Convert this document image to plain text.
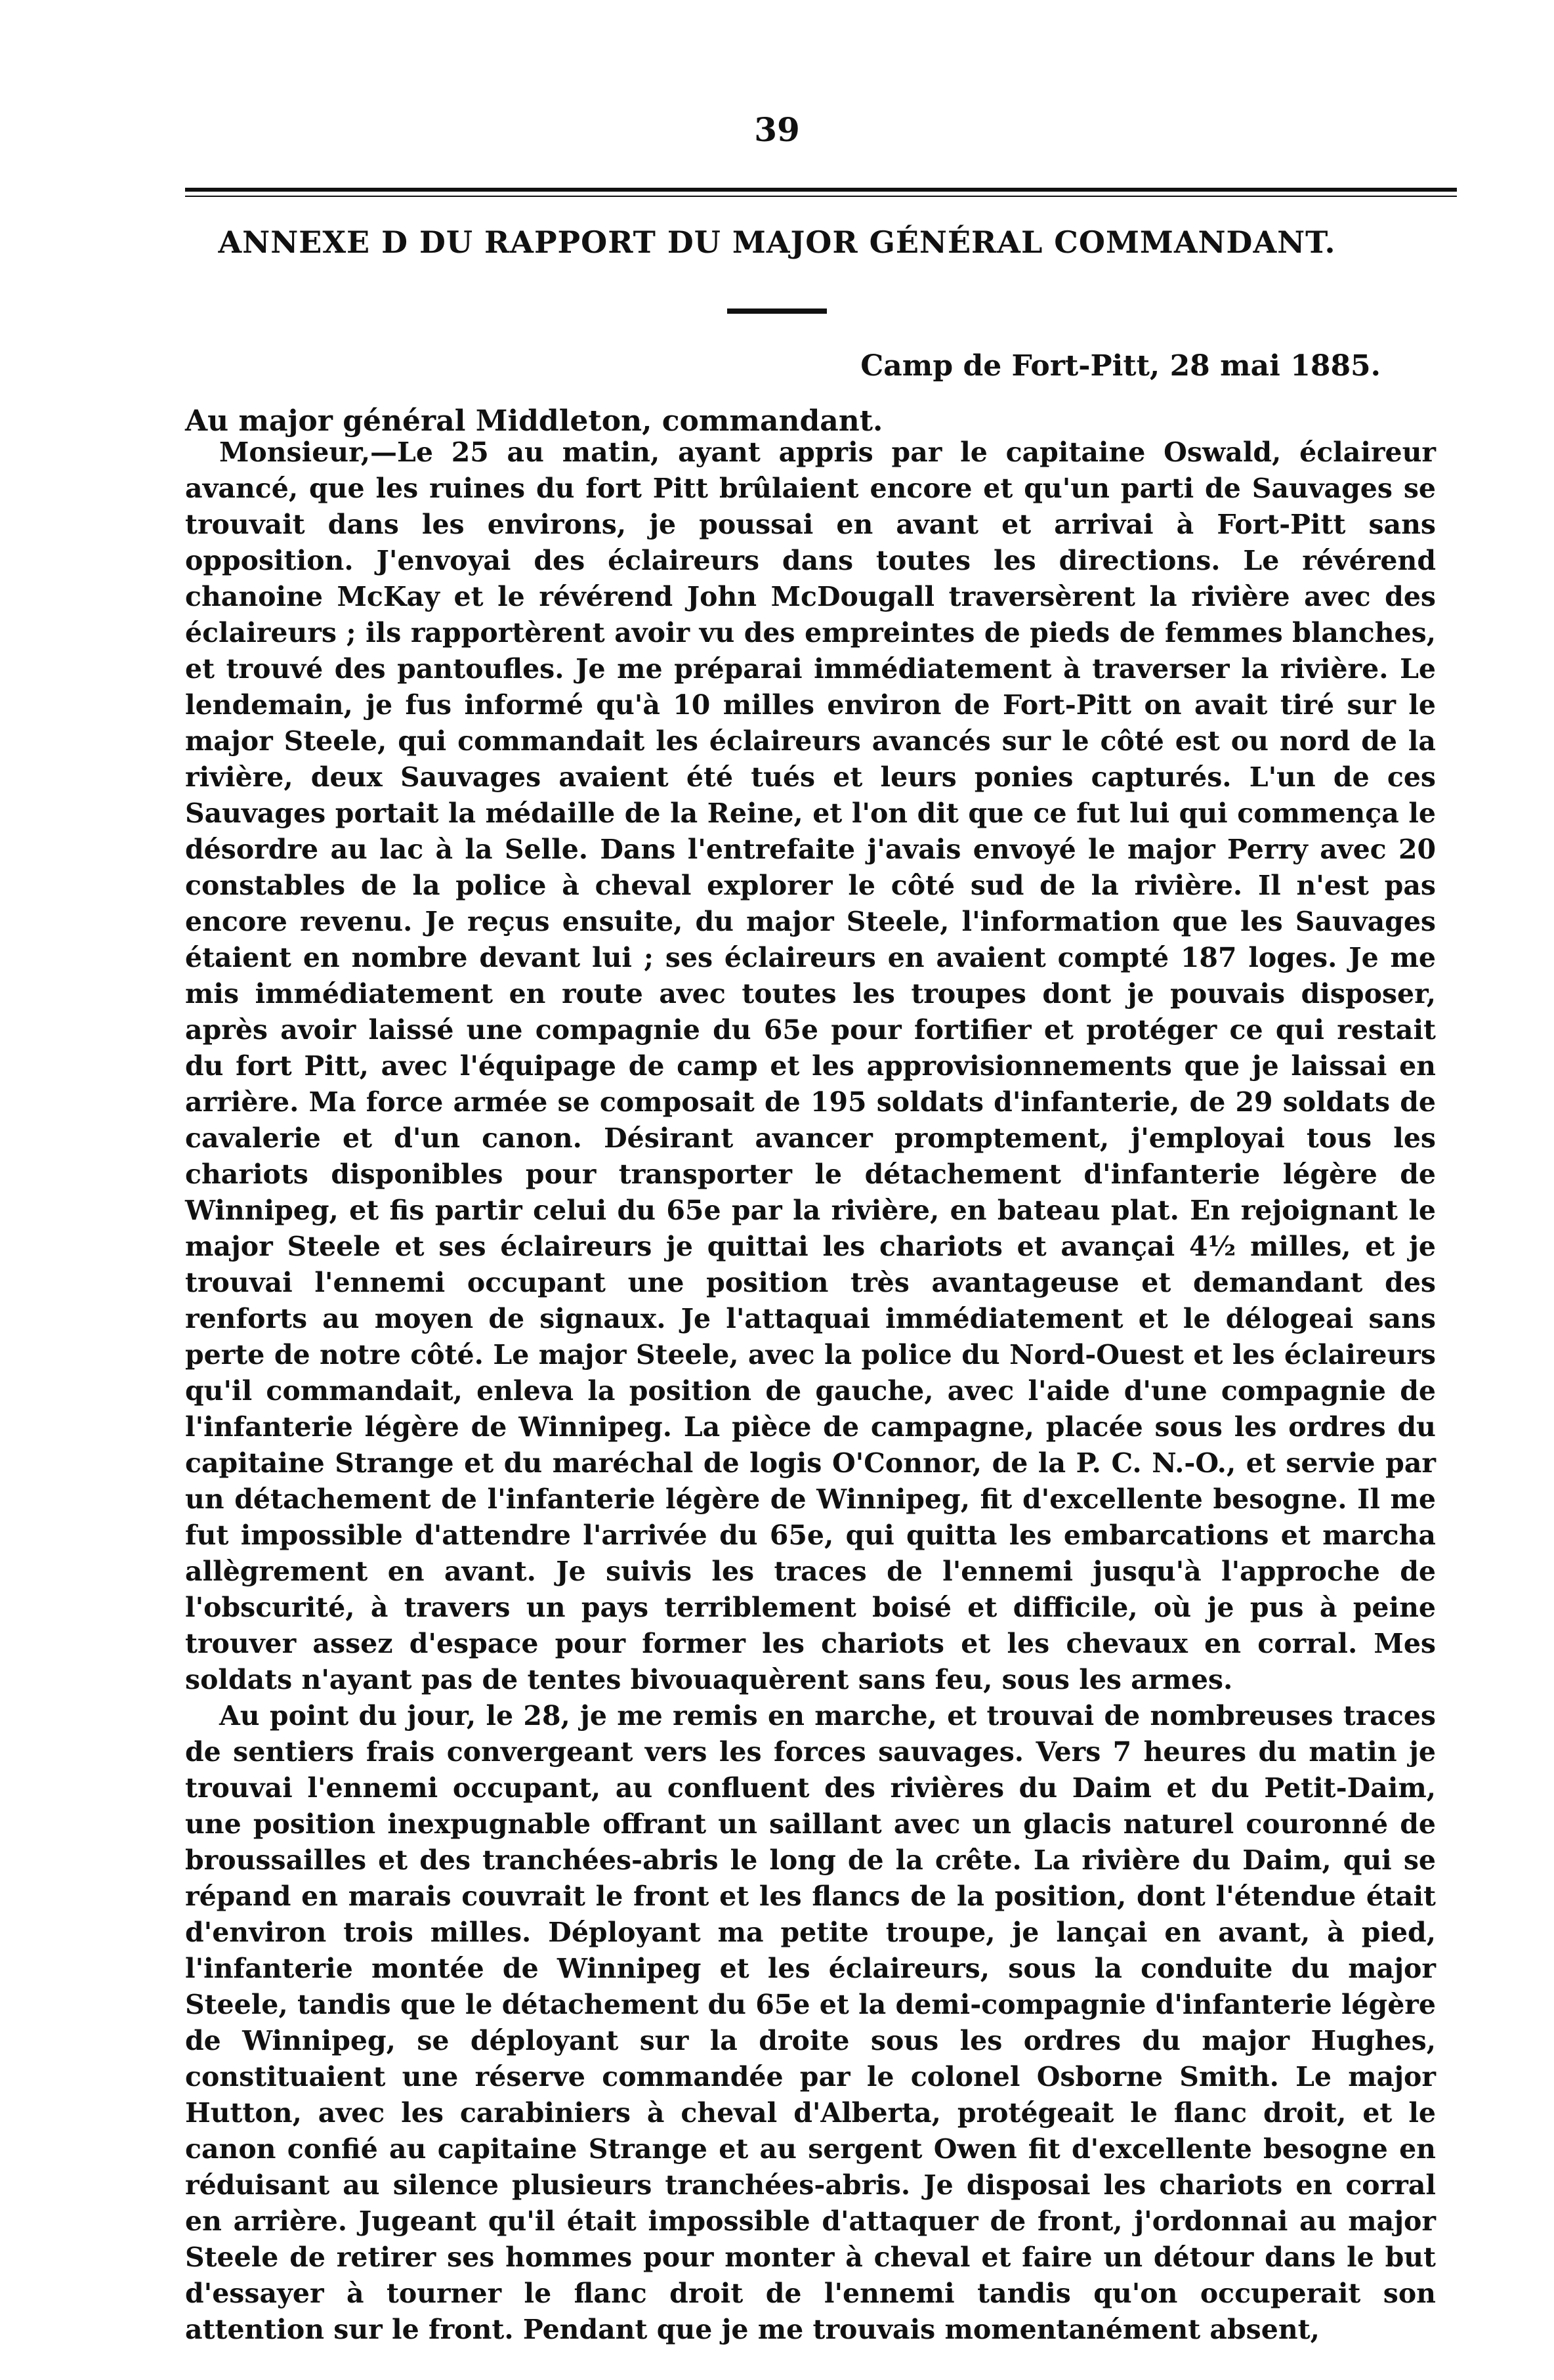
39
ANNEXE D DU RAPPORT DU MAJOR GÉNÉRAL COMMANDANT.
Camp de Fort-Pitt, 28 mai 1885.
Au major général Middleton, commandant.

Monsieur,—Le 25 au matin, ayant appris par le capitaine Oswald, éclaireur avancé, que les ruines du fort Pitt brûlaient encore et qu'un parti de Sauvages se trouvait dans les environs, je poussai en avant et arrivai à Fort-Pitt sans opposition. J'envoyai des éclaireurs dans toutes les directions. Le révérend chanoine McKay et le révérend John McDougall traversèrent la rivière avec des éclaireurs ; ils rapportèrent avoir vu des empreintes de pieds de femmes blanches, et trouvé des pantoufles. Je me préparai immédiatement à traverser la rivière. Le lendemain, je fus informé qu'à 10 milles environ de Fort-Pitt on avait tiré sur le major Steele, qui commandait les éclaireurs avancés sur le côté est ou nord de la rivière, deux Sauvages avaient été tués et leurs ponies capturés. L'un de ces Sauvages portait la médaille de la Reine, et l'on dit que ce fut lui qui commença le désordre au lac à la Selle. Dans l'entrefaite j'avais envoyé le major Perry avec 20 constables de la police à cheval explorer le côté sud de la rivière. Il n'est pas encore revenu. Je reçus ensuite, du major Steele, l'information que les Sauvages étaient en nombre devant lui ; ses éclaireurs en avaient compté 187 loges. Je me mis immédiatement en route avec toutes les troupes dont je pouvais disposer, après avoir laissé une compagnie du 65e pour fortifier et protéger ce qui restait du fort Pitt, avec l'équipage de camp et les approvisionnements que je laissai en arrière. Ma force armée se composait de 195 soldats d'infanterie, de 29 soldats de cavalerie et d'un canon. Désirant avancer promptement, j'employai tous les chariots disponibles pour transporter le détachement d'infanterie légère de Winnipeg, et fis partir celui du 65e par la rivière, en bateau plat. En rejoignant le major Steele et ses éclaireurs je quittai les chariots et avançai 4½ milles, et je trouvai l'ennemi occupant une position très avantageuse et demandant des renforts au moyen de signaux. Je l'attaquai immédiatement et le délogeai sans perte de notre côté. Le major Steele, avec la police du Nord-Ouest et les éclaireurs qu'il commandait, enleva la position de gauche, avec l'aide d'une compagnie de l'infanterie légère de Winnipeg. La pièce de campagne, placée sous les ordres du capitaine Strange et du maréchal de logis O'Connor, de la P. C. N.-O., et servie par un détachement de l'infanterie légère de Winnipeg, fit d'excellente besogne. Il me fut impossible d'attendre l'arrivée du 65e, qui quitta les embarcations et marcha allègrement en avant. Je suivis les traces de l'ennemi jusqu'à l'approche de l'obscurité, à travers un pays terriblement boisé et difficile, où je pus à peine trouver assez d'espace pour former les chariots et les chevaux en corral. Mes soldats n'ayant pas de tentes bivouaquèrent sans feu, sous les armes.

Au point du jour, le 28, je me remis en marche, et trouvai de nombreuses traces de sentiers frais convergeant vers les forces sauvages. Vers 7 heures du matin je trouvai l'ennemi occupant, au confluent des rivières du Daim et du Petit-Daim, une position inexpugnable offrant un saillant avec un glacis naturel couronné de broussailles et des tranchées-abris le long de la crête. La rivière du Daim, qui se répand en marais couvrait le front et les flancs de la position, dont l'étendue était d'environ trois milles. Déployant ma petite troupe, je lançai en avant, à pied, l'infanterie montée de Winnipeg et les éclaireurs, sous la conduite du major Steele, tandis que le détachement du 65e et la demi-compagnie d'infanterie légère de Winnipeg, se déployant sur la droite sous les ordres du major Hughes, constituaient une réserve commandée par le colonel Osborne Smith. Le major Hutton, avec les carabiniers à cheval d'Alberta, protégeait le flanc droit, et le canon confié au capitaine Strange et au sergent Owen fit d'excellente besogne en réduisant au silence plusieurs tranchées-abris. Je disposai les chariots en corral en arrière. Jugeant qu'il était impossible d'attaquer de front, j'ordonnai au major Steele de retirer ses hommes pour monter à cheval et faire un détour dans le but d'essayer à tourner le flanc droit de l'ennemi tandis qu'on occuperait son attention sur le front. Pendant que je me trouvais momentanément absent,
